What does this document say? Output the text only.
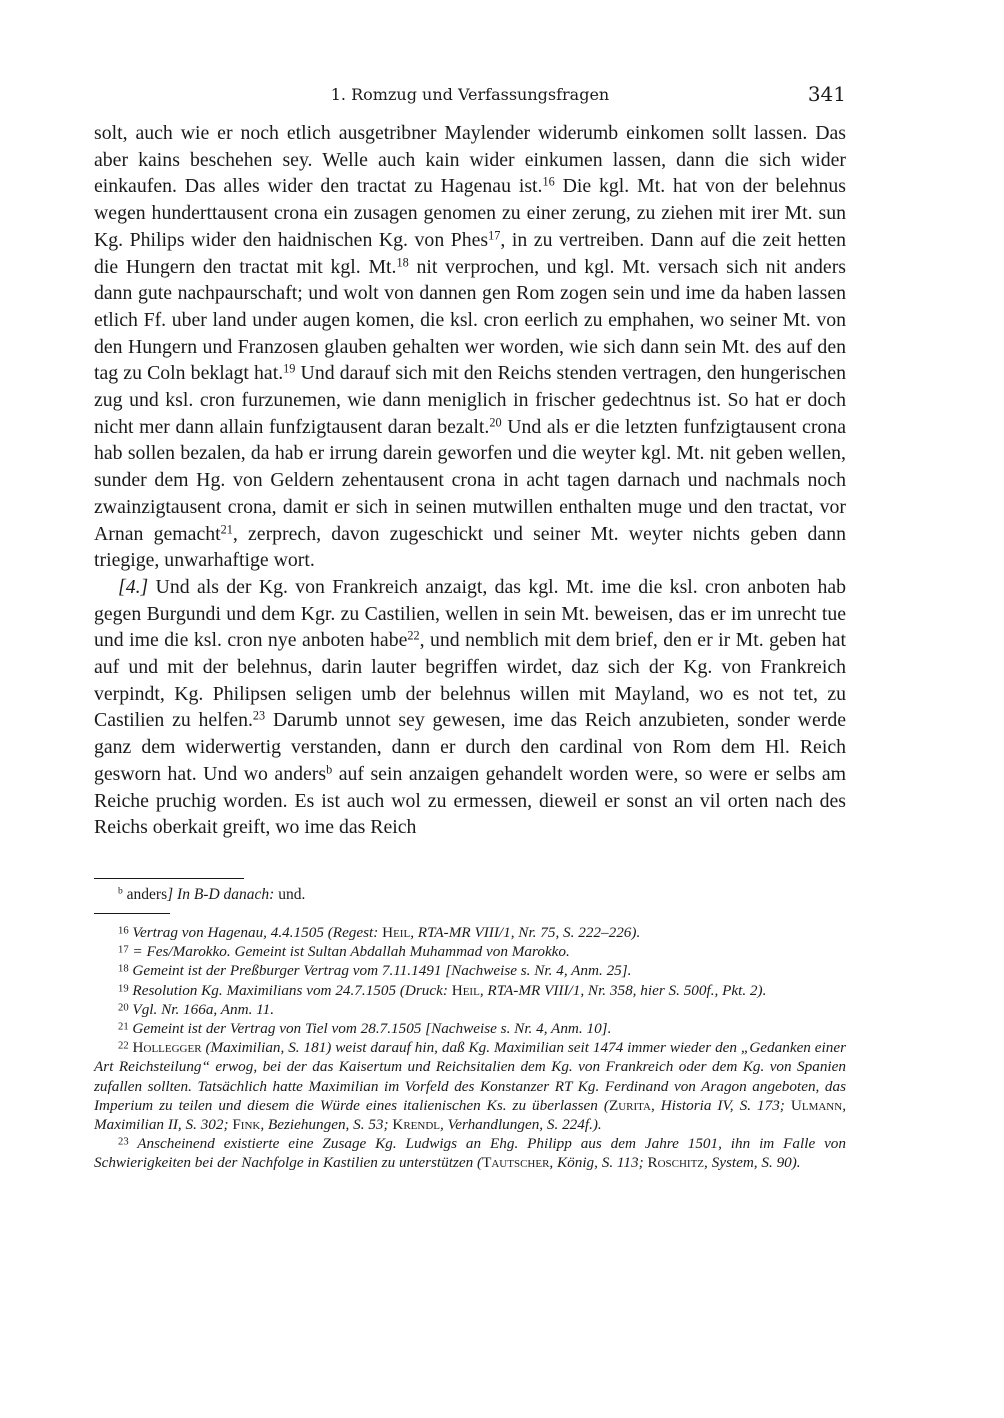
1. Romzug und Verfassungsfragen	341

solt, auch wie er noch etlich ausgetribner Maylender widerumb einkomen sollt lassen. Das aber kains beschehen sey. Welle auch kain wider einkumen lassen, dann die sich wider einkaufen. Das alles wider den tractat zu Hagenau ist.$^{16}$ Die kgl. Mt. hat von der belehnus wegen hunderttausent crona ein zusagen genomen zu einer zerung, zu ziehen mit irer Mt. sun Kg. Philips wider den haidnischen Kg. von Phes$^{17}$, in zu vertreiben. Dann auf die zeit hetten die Hungern den tractat mit kgl. Mt.$^{18}$ nit verprochen, und kgl. Mt. versach sich nit anders dann gute nachpaurschaft; und wolt von dannen gen Rom zogen sein und ime da haben lassen etlich Ff. uber land under augen komen, die ksl. cron eerlich zu emphahen, wo seiner Mt. von den Hungern und Franzosen glauben gehalten wer worden, wie sich dann sein Mt. des auf den tag zu Coln beklagt hat.$^{19}$ Und darauf sich mit den Reichs stenden vertragen, den hungerischen zug und ksl. cron furzunemen, wie dann meniglich in frischer gedechtnus ist. So hat er doch nicht mer dann allain funfzigtausent daran bezalt.$^{20}$ Und als er die letzten funfzigtausent crona hab sollen bezalen, da hab er irrung darein geworfen und die weyter kgl. Mt. nit geben wellen, sunder dem Hg. von Geldern zehentausent crona in acht tagen darnach und nachmals noch zwainzigtausent crona, damit er sich in seinen mutwillen enthalten muge und den tractat, vor Arnan gemacht$^{21}$, zerprech, davon zugeschickt und seiner Mt. weyter nichts geben dann triegige, unwarhaftige wort.

[4.] Und als der Kg. von Frankreich anzaigt, das kgl. Mt. ime die ksl. cron anboten hab gegen Burgundi und dem Kgr. zu Castilien, wellen in sein Mt. beweisen, das er im unrecht tue und ime die ksl. cron nye anboten habe$^{22}$, und nemblich mit dem brief, den er ir Mt. geben hat auf und mit der belehnus, darin lauter begriffen wirdet, daz sich der Kg. von Frankreich verpindt, Kg. Philipsen seligen umb der belehnus willen mit Mayland, wo es not tet, zu Castilien zu helfen.$^{23}$ Darumb unnot sey gewesen, ime das Reich anzubieten, sonder werde ganz dem widerwertig verstanden, dann er durch den cardinal von Rom dem Hl. Reich gesworn hat. Und wo anders$^b$ auf sein anzaigen gehandelt worden were, so were er selbs am Reiche pruchig worden. Es ist auch wol zu ermessen, dieweil er sonst an vil orten nach des Reichs oberkait greift, wo ime das Reich

$^b$ anders] In B-D danach: und.

$^{16}$ Vertrag von Hagenau, 4.4.1505 (Regest: Heil, RTA-MR VIII/1, Nr. 75, S. 222–226).

$^{17}$ = Fes/Marokko. Gemeint ist Sultan Abdallah Muhammad von Marokko.

$^{18}$ Gemeint ist der Preßburger Vertrag vom 7.11.1491 [Nachweise s. Nr. 4, Anm. 25].

$^{19}$ Resolution Kg. Maximilians vom 24.7.1505 (Druck: Heil, RTA-MR VIII/1, Nr. 358, hier S. 500f., Pkt. 2).

$^{20}$ Vgl. Nr. 166a, Anm. 11.

$^{21}$ Gemeint ist der Vertrag von Tiel vom 28.7.1505 [Nachweise s. Nr. 4, Anm. 10].

$^{22}$ Hollegger (Maximilian, S. 181) weist darauf hin, daß Kg. Maximilian seit 1474 immer wieder den „Gedanken einer Art Reichsteilung“ erwog, bei der das Kaisertum und Reichsitalien dem Kg. von Frankreich oder dem Kg. von Spanien zufallen sollten. Tatsächlich hatte Maximilian im Vorfeld des Konstanzer RT Kg. Ferdinand von Aragon angeboten, das Imperium zu teilen und diesem die Würde eines italienischen Ks. zu überlassen (Zurita, Historia IV, S. 173; Ulmann, Maximilian II, S. 302; Fink, Beziehungen, S. 53; Krendl, Verhandlungen, S. 224f.).

$^{23}$ Anscheinend existierte eine Zusage Kg. Ludwigs an Ehg. Philipp aus dem Jahre 1501, ihn im Falle von Schwierigkeiten bei der Nachfolge in Kastilien zu unterstützen (Tautscher, König, S. 113; Roschitz, System, S. 90).
